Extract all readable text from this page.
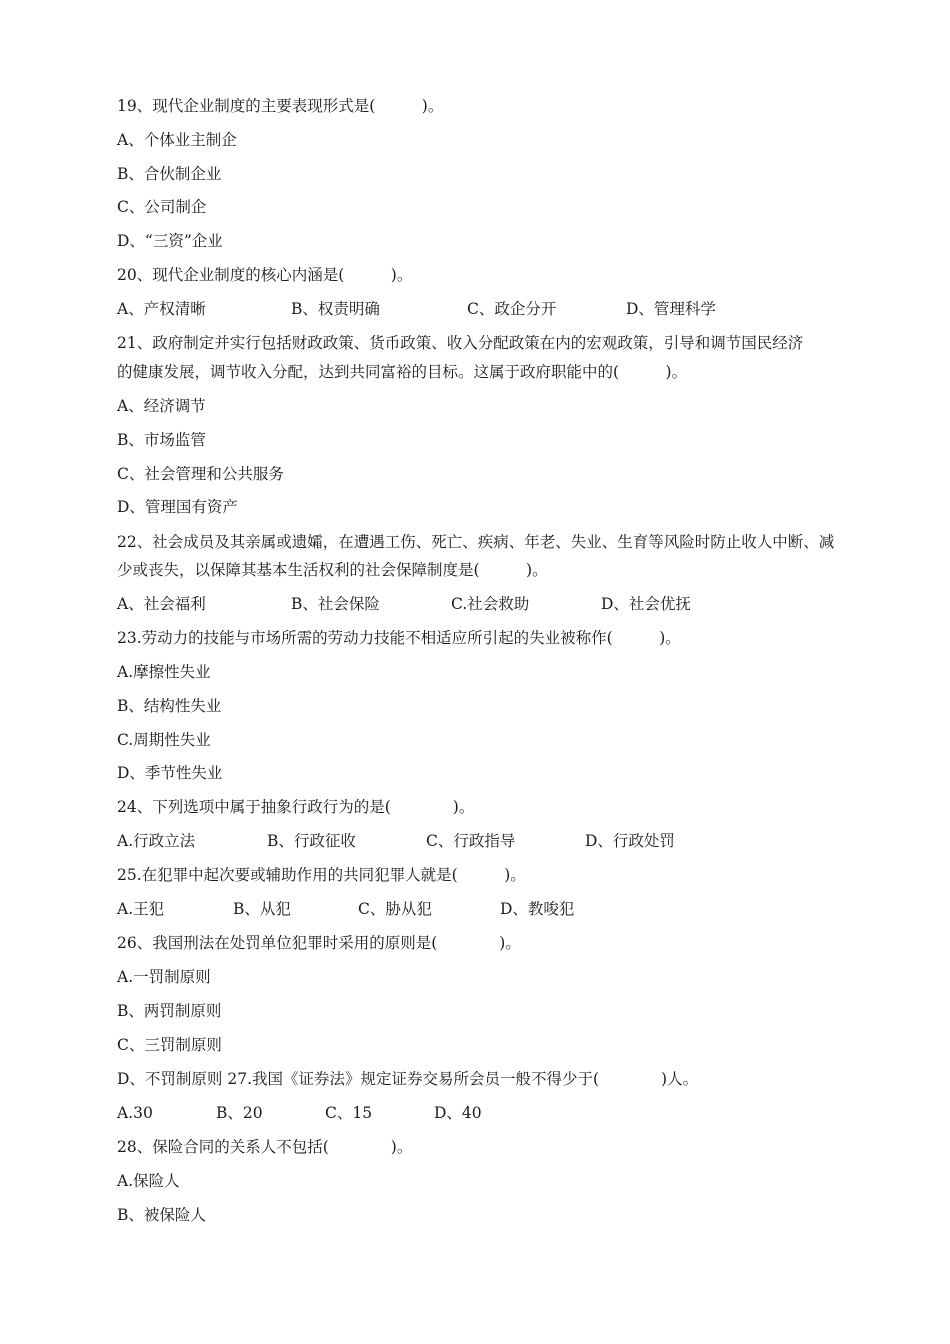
19、现代企业制度的主要表现形式是(　　　)。
A、个体业主制企
B、合伙制企业
C、公司制企
D、“三资”企业
20、现代企业制度的核心内涵是(　　　)。
A、产权清晰	B、权责明确	C、政企分开	D、管理科学
21、政府制定并实行包括财政政策、货币政策、收入分配政策在内的宏观政策，引导和调节国民经济
的健康发展，调节收入分配，达到共同富裕的目标。这属于政府职能中的(　　　)。
A、经济调节
B、市场监管
C、社会管理和公共服务
D、管理国有资产
22、社会成员及其亲属或遗孀，在遭遇工伤、死亡、疾病、年老、失业、生育等风险时防止收人中断、减
少或丧失，以保障其基本生活权利的社会保障制度是(　　　)。
A、社会福利	B、社会保险	C.社会救助	D、社会优抚
23.劳动力的技能与市场所需的劳动力技能不相适应所引起的失业被称作(　　　)。
A.摩擦性失业
B、结构性失业
C.周期性失业
D、季节性失业
24、下列选项中属于抽象行政行为的是(　　　　)。
A.行政立法	B、行政征收	C、行政指导	D、行政处罚
25.在犯罪中起次要或辅助作用的共同犯罪人就是(　　　)。
A.王犯	B、从犯	C、胁从犯	D、教唆犯
26、我国刑法在处罚单位犯罪时采用的原则是(　　　　)。
A.一罚制原则
B、两罚制原则
C、三罚制原则
D、不罚制原则 27.我国《证券法》规定证券交易所会员一般不得少于(　　　　)人。
A.30	B、20	C、15	D、40
28、保险合同的关系人不包括(　　　　)。
A.保险人
B、被保险人
